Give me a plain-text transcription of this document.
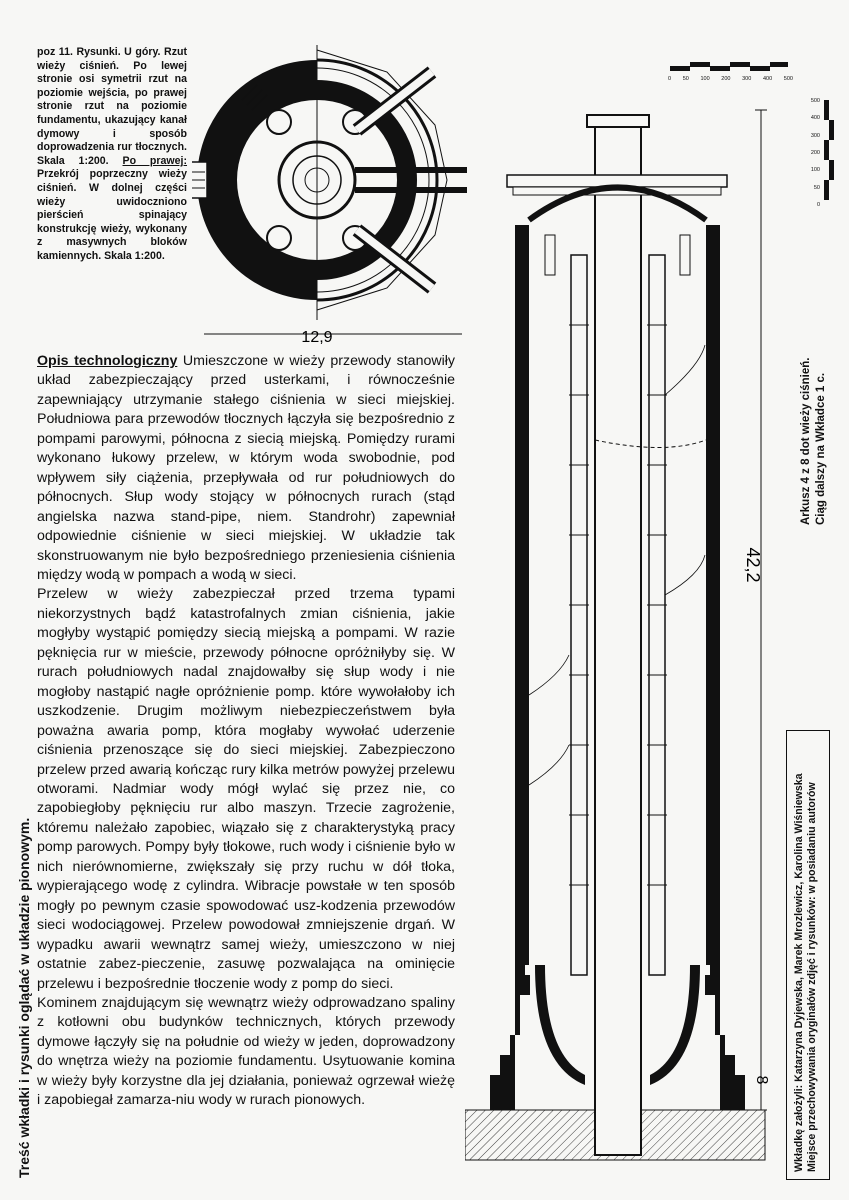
poz 11. Rysunki. U góry. Rzut wieży ciśnień. Po lewej stronie osi symetrii rzut na poziomie wejścia, po prawej stronie rzut na poziomie fundamentu, ukazujący kanał dymowy i sposób doprowadzenia rur tłocznych. Skala 1:200. Po prawej: Przekrój poprzeczny wieży ciśnień. W dolnej części wieży uwidoczniono pierścień spinający konstrukcję wieży, wykonany z masywnych bloków kamiennych. Skala 1:200.
12,9
0 50 100 200 300 400 500
500
400
300
200
100
50
0
42,2
8

Opis technologiczny Umieszczone w wieży przewody stanowiły układ zabezpieczający przed usterkami, i równocześnie zapewniający utrzymanie stałego ciśnienia w sieci miejskiej. Południowa para przewodów tłocznych łączyła się bezpośrednio z pompami parowymi, północna z siecią miejską. Pomiędzy rurami wykonano łukowy przelew, w którym woda swobodnie, pod wpływem siły ciążenia, przepływała od rur południowych do północnych. Słup wody stojący w północnych rurach (stąd angielska nazwa stand-pipe, niem. Standrohr) zapewniał odpowiednie ciśnienie w sieci miejskiej. W układzie tak skonstruowanym nie było bezpośredniego przeniesienia ciśnienia między wodą w pompach a wodą w sieci.

Przelew w wieży zabezpieczał przed trzema typami niekorzystnych bądź katastrofalnych zmian ciśnienia, jakie mogłyby wystąpić pomiędzy siecią miejską a pompami. W razie pęknięcia rur w mieście, przewody północne opróżniłyby się. W rurach południowych nadal znajdowałby się słup wody i nie mogłoby nastąpić nagłe opróżnienie pomp. które wywołałoby ich uszkodzenie. Drugim możliwym niebezpieczeństwem była poważna awaria pomp, która mogłaby wywołać uderzenie ciśnienia przenoszące się do sieci miejskiej. Zabezpieczono przelew przed awarią kończąc rury kilka metrów powyżej przelewu otworami. Nadmiar wody mógł wylać się przez nie, co zapobiegłoby pęknięciu rur albo maszyn. Trzecie zagrożenie, któremu należało zapobiec, wiązało się z charakterystyką pracy pomp parowych. Pompy były tłokowe, ruch wody i ciśnienie było w nich nierównomierne, zwiększały się przy ruchu w dół tłoka, wypierającego wodę z cylindra. Wibracje powstałe w ten sposób mogły po pewnym czasie spowodować usz-kodzenia przewodów sieci wodociągowej. Przelew powodował zmniejszenie drgań. W wypadku awarii wewnątrz samej wieży, umieszczono w niej ostatnie zabez-pieczenie, zasuwę pozwalająca na ominięcie przelewu i bezpośrednie tłoczenie wody z pomp do sieci.

Kominem znajdującym się wewnątrz wieży odprowadzano spaliny z kotłowni obu budynków technicznych, których przewody dymowe łączyły się na południe od wieży w jeden, doprowadzony do wnętrza wieży na poziomie fundamentu. Usytuowanie komina w wieży były korzystne dla jej działania, ponieważ ogrzewał wieżę i zapobiegał zamarza-niu wody w rurach pionowych.

Treść wkładki i rysunki oglądać w układzie pionowym.
Arkusz 4 z 8 dot wieży ciśnień. Ciąg dalszy na Wkładce 1 c.
Wkładkę założyli: Katarzyna Dyjewska, Marek Mrozlewicz, Karolina Wiśniewska Miejsce przechowywania oryginałów zdjęć i rysunków: w posiadaniu autorów
